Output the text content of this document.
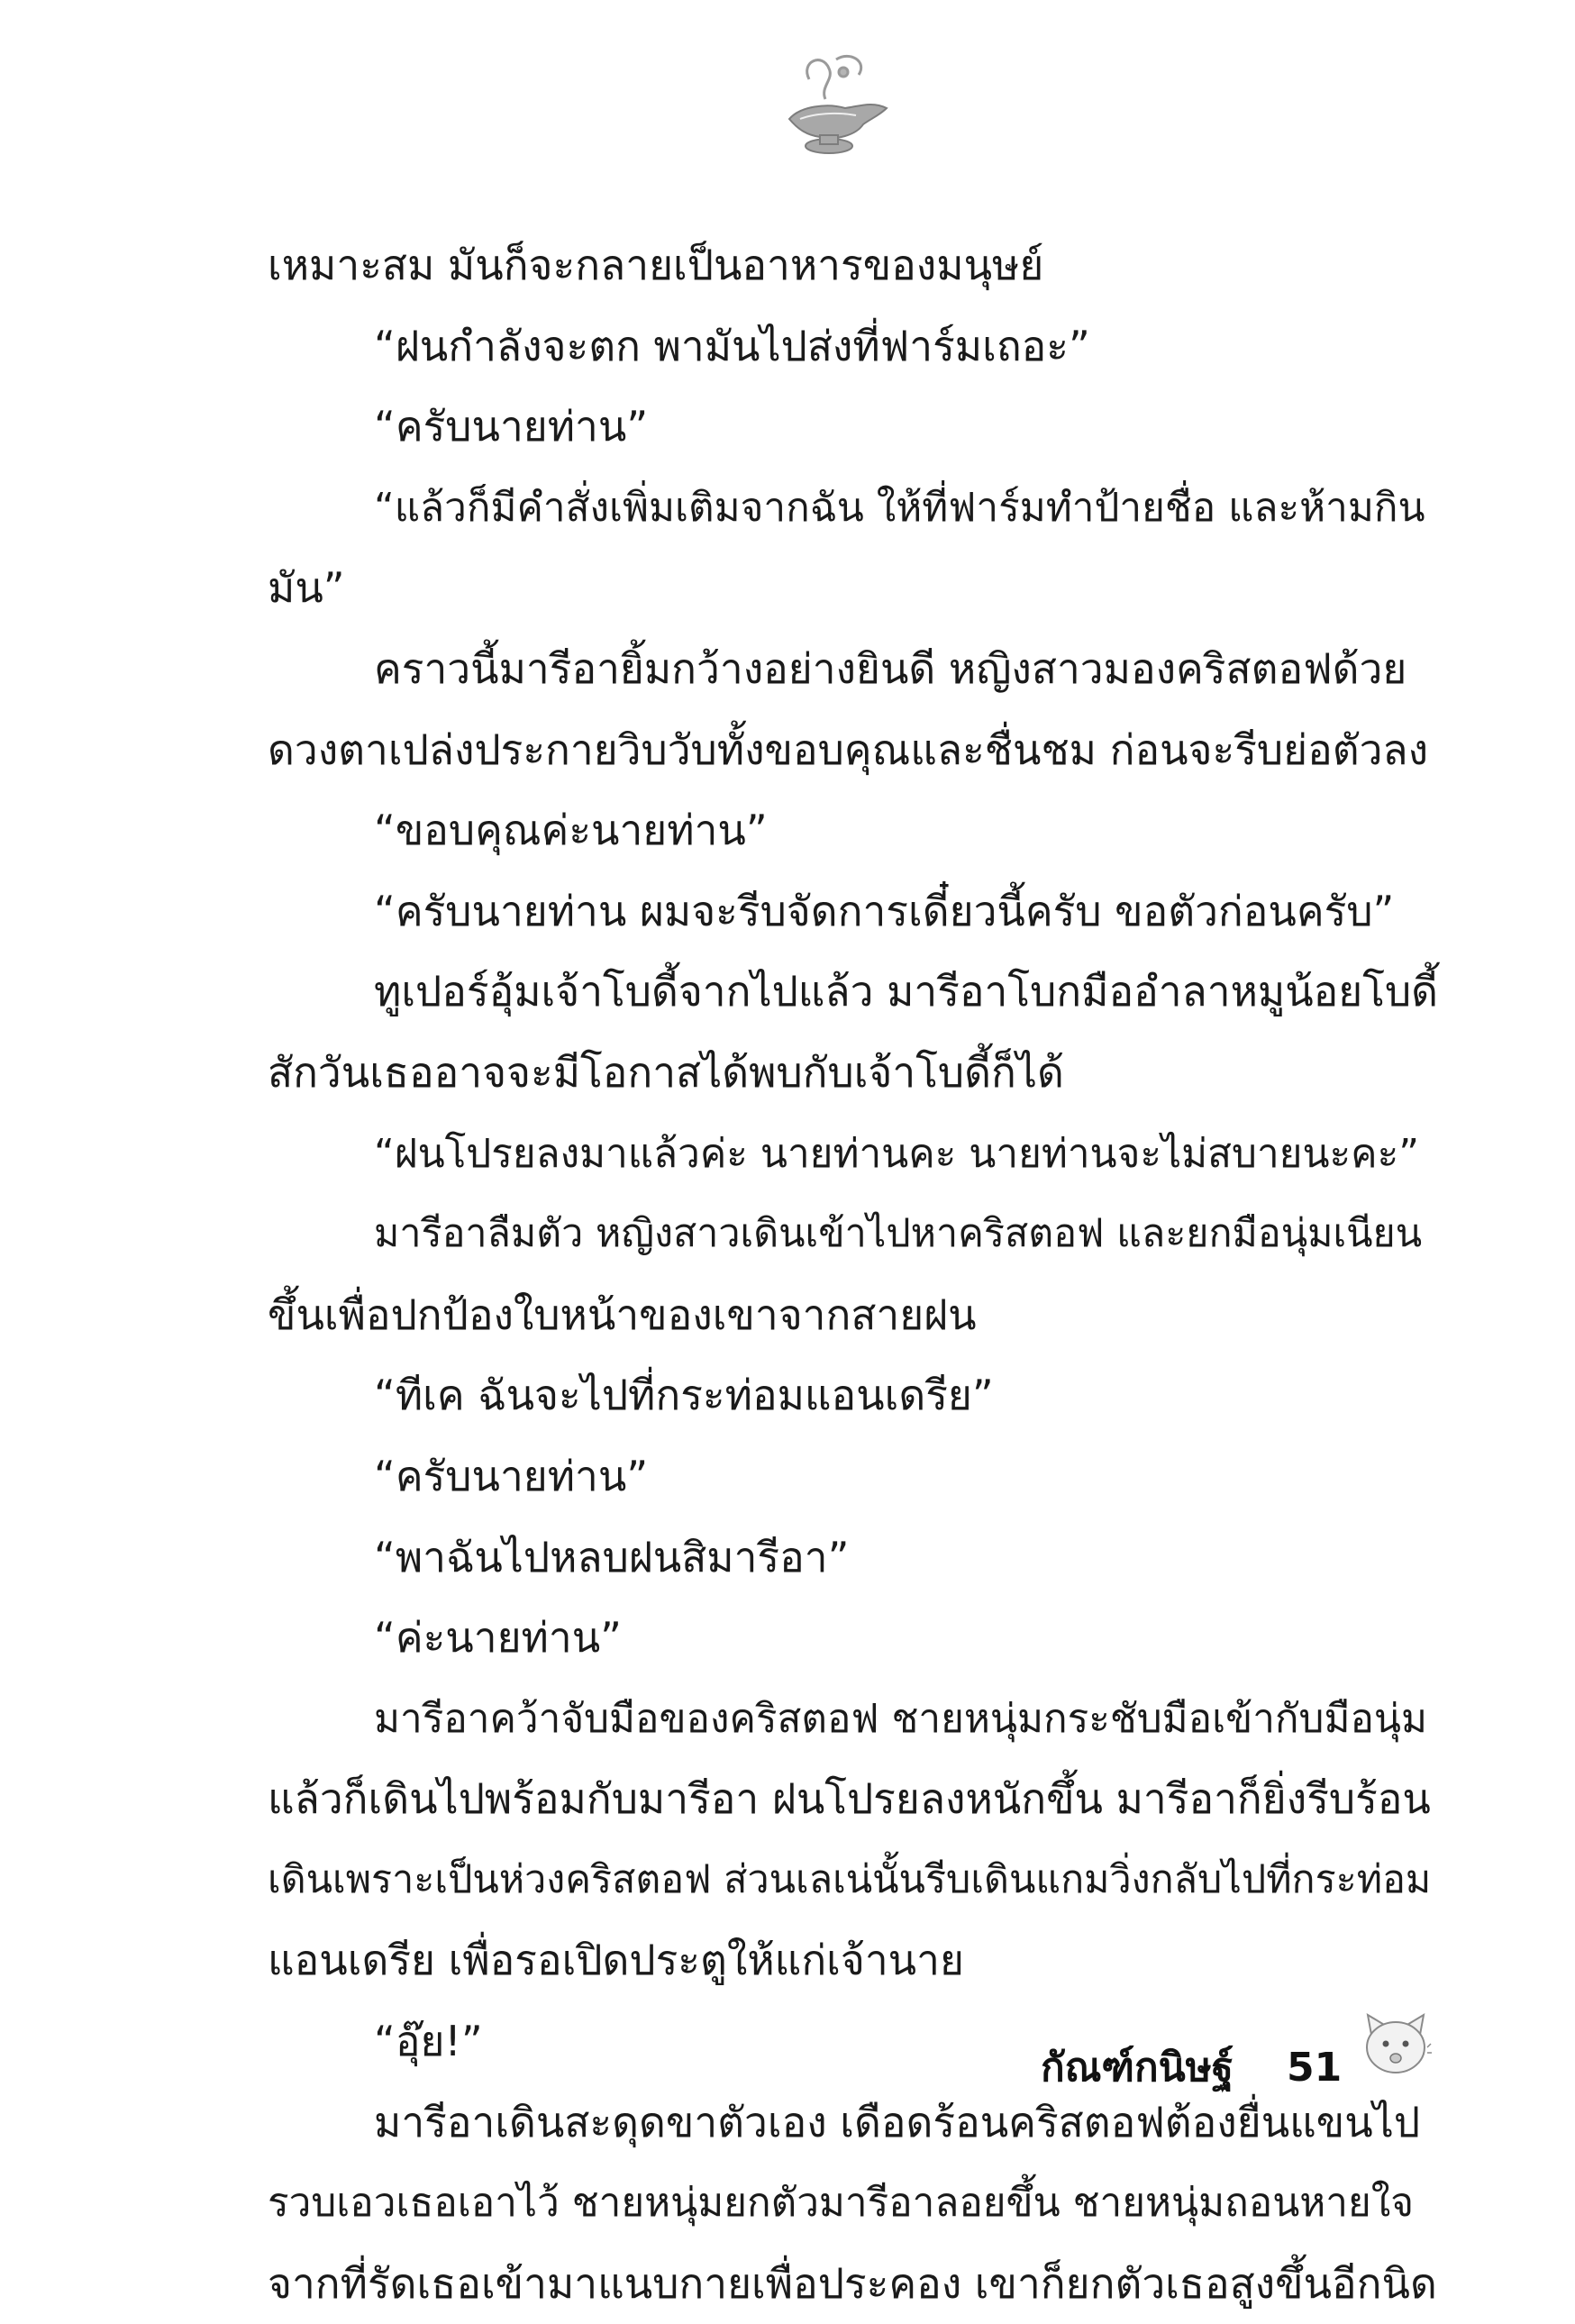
เหมาะสม มันก็จะกลายเป็นอาหารของมนุษย์
“ฝนกำลังจะตก พามันไปส่งที่ฟาร์มเถอะ”
“ครับนายท่าน”
“แล้วก็มีคำสั่งเพิ่มเติมจากฉัน ให้ที่ฟาร์มทำป้ายชื่อ และห้ามกิน
มัน”
คราวนี้มารีอายิ้มกว้างอย่างยินดี หญิงสาวมองคริสตอฟด้วย
ดวงตาเปล่งประกายวิบวับทั้งขอบคุณและชื่นชม ก่อนจะรีบย่อตัวลง
“ขอบคุณค่ะนายท่าน”
“ครับนายท่าน ผมจะรีบจัดการเดี๋ยวนี้ครับ ขอตัวก่อนครับ”
ทูเปอร์อุ้มเจ้าโบดี้จากไปแล้ว มารีอาโบกมืออำลาหมูน้อยโบดี้
สักวันเธออาจจะมีโอกาสได้พบกับเจ้าโบดี้ก็ได้
“ฝนโปรยลงมาแล้วค่ะ นายท่านคะ นายท่านจะไม่สบายนะคะ”
มารีอาลืมตัว หญิงสาวเดินเข้าไปหาคริสตอฟ และยกมือนุ่มเนียน
ขึ้นเพื่อปกป้องใบหน้าของเขาจากสายฝน
“ทีเค ฉันจะไปที่กระท่อมแอนเดรีย”
“ครับนายท่าน”
“พาฉันไปหลบฝนสิมารีอา”
“ค่ะนายท่าน”
มารีอาคว้าจับมือของคริสตอฟ ชายหนุ่มกระชับมือเข้ากับมือนุ่ม
แล้วก็เดินไปพร้อมกับมารีอา ฝนโปรยลงหนักขึ้น มารีอาก็ยิ่งรีบร้อน
เดินเพราะเป็นห่วงคริสตอฟ ส่วนเลเน่นั้นรีบเดินแกมวิ่งกลับไปที่กระท่อม
แอนเดรีย เพื่อรอเปิดประตูให้แก่เจ้านาย
“อุ๊ย!”
มารีอาเดินสะดุดขาตัวเอง เดือดร้อนคริสตอฟต้องยื่นแขนไป
รวบเอวเธอเอาไว้ ชายหนุ่มยกตัวมารีอาลอยขึ้น ชายหนุ่มถอนหายใจ
จากที่รัดเธอเข้ามาแนบกายเพื่อประคอง เขาก็ยกตัวเธอสูงขึ้นอีกนิด
กัณฑ์กนิษฐ์ 51
